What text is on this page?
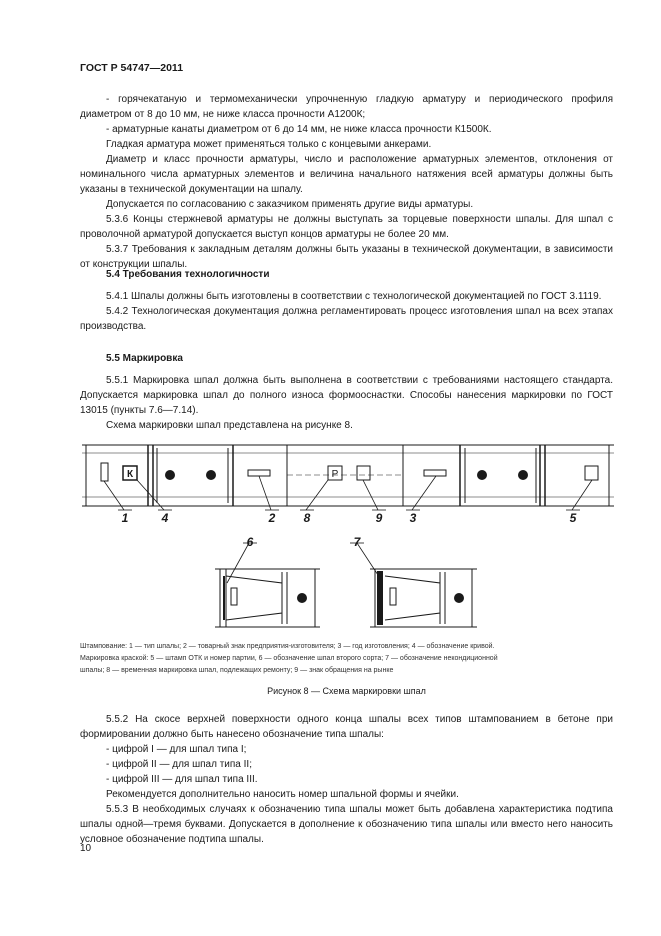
ГОСТ Р 54747—2011
- горячекатаную и термомеханически упрочненную гладкую арматуру и периодического профиля диаметром от 8 до 10 мм, не ниже класса прочности А1200К;
- арматурные канаты диаметром от 6 до 14 мм, не ниже класса прочности К1500К.
Гладкая арматура может применяться только с концевыми анкерами.
Диаметр и класс прочности арматуры, число и расположение арматурных элементов, отклонения от номинального числа арматурных элементов и величина начального натяжения всей арматуры должны быть указаны в технической документации на шпалу.
Допускается по согласованию с заказчиком применять другие виды арматуры.
5.3.6 Концы стержневой арматуры не должны выступать за торцевые поверхности шпалы. Для шпал с проволочной арматурой допускается выступ концов арматуры не более 20 мм.
5.3.7 Требования к закладным деталям должны быть указаны в технической документации, в зависимости от конструкции шпалы.
5.4 Требования технологичности
5.4.1 Шпалы должны быть изготовлены в соответствии с технологической документацией по ГОСТ 3.1119.
5.4.2 Технологическая документация должна регламентировать процесс изготовления шпал на всех этапах производства.
5.5 Маркировка
5.5.1 Маркировка шпал должна быть выполнена в соответствии с требованиями настоящего стандарта. Допускается маркировка шпал до полного износа формооснастки. Способы нанесения маркировки по ГОСТ 13015 (пункты 7.6—7.14).
Схема маркировки шпал представлена на рисунке 8.
К	Р
1	4	2 8	9 3	5
6	7
Штампование: 1 — тип шпалы; 2 — товарный знак предприятия-изготовителя; 3 — год изготовления; 4 — обозначение кривой.
Маркировка краской: 5 — штамп ОТК и номер партии, 6 — обозначение шпал второго сорта; 7 — обозначение некондиционной
шпалы; 8 — временная маркировка шпал, подлежащих ремонту; 9 — знак обращения на рынке
Рисунок 8 — Схема маркировки шпал
5.5.2 На скосе верхней поверхности одного конца шпалы всех типов штампованием в бетоне при формировании должно быть нанесено обозначение типа шпалы:
- цифрой I — для шпал типа I;
- цифрой II — для шпал типа II;
- цифрой III — для шпал типа III.
Рекомендуется дополнительно наносить номер шпальной формы и ячейки.
5.5.3 В необходимых случаях к обозначению типа шпалы может быть добавлена характеристика подтипа шпалы одной—тремя буквами. Допускается в дополнение к обозначению типа шпалы или вместо него наносить условное обозначение подтипа шпалы.
10
